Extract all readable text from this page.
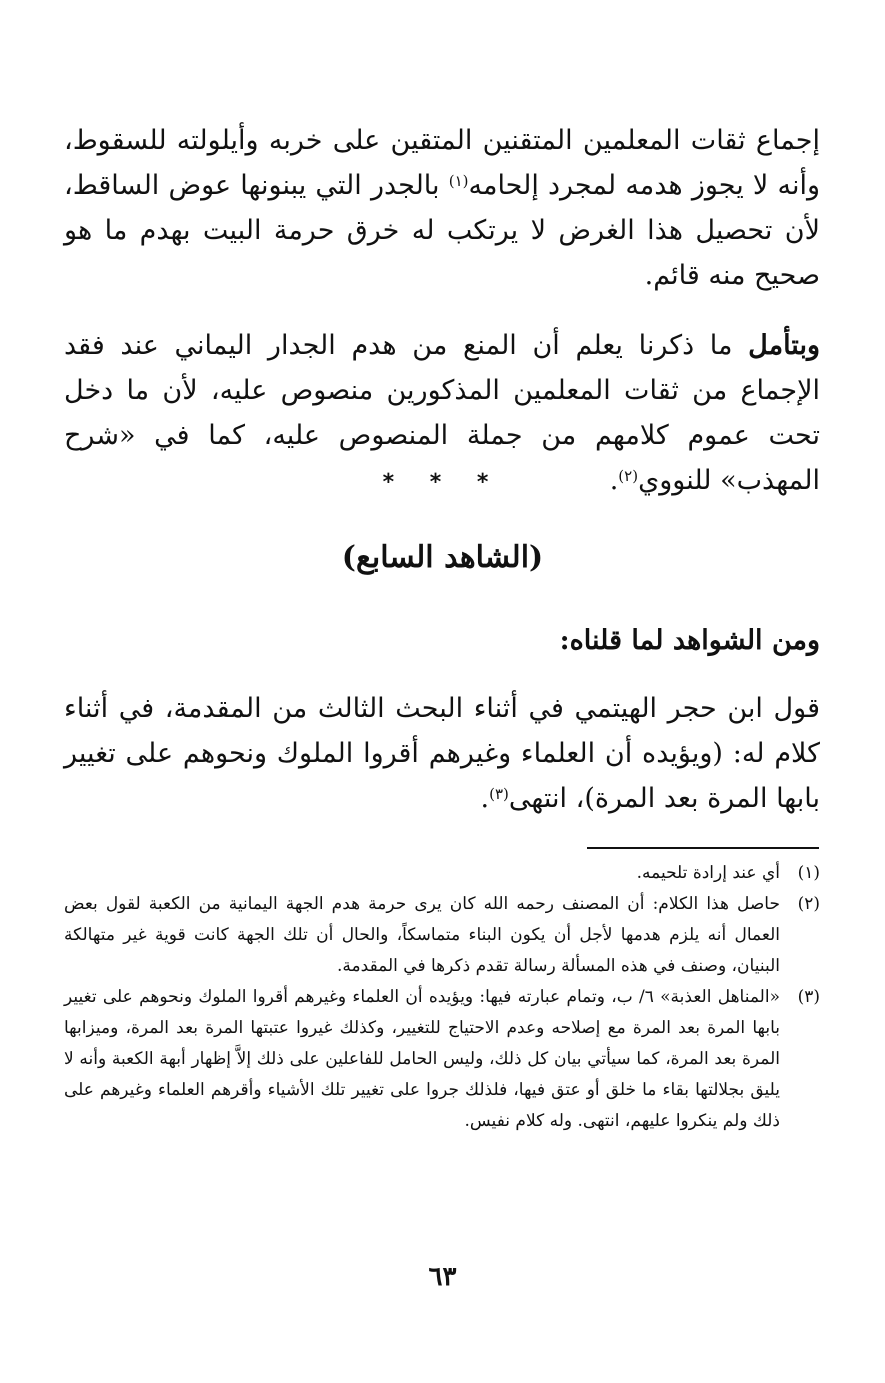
إجماع ثقات المعلمين المتقنين المتقين على خربه وأيلولته للسقوط، وأنه لا يجوز هدمه لمجرد إلحامه$^{(١)}$ بالجدر التي يبنونها عوض الساقط، لأن تحصيل هذا الغرض لا يرتكب له خرق حرمة البيت بهدم ما هو صحيح منه قائم.

وبتأمل ما ذكرنا يعلم أن المنع من هدم الجدار اليماني عند فقد الإجماع من ثقات المعلمين المذكورين منصوص عليه، لأن ما دخل تحت عموم كلامهم من جملة المنصوص عليه، كما في «شرح المهذب» للنووي$^{(٢)}$.

* * *
(الشاهد السابع)
ومن الشواهد لما قلناه:

قول ابن حجر الهيتمي في أثناء البحث الثالث من المقدمة، في أثناء كلام له: (ويؤيده أن العلماء وغيرهم أقروا الملوك ونحوهم على تغيير بابها المرة بعد المرة)، انتهى$^{(٣)}$.

(١)
أي عند إرادة تلحيمه.
(٢)
حاصل هذا الكلام: أن المصنف رحمه الله كان يرى حرمة هدم الجهة اليمانية من الكعبة لقول بعض العمال أنه يلزم هدمها لأجل أن يكون البناء متماسكاً، والحال أن تلك الجهة كانت قوية غير متهالكة البنيان، وصنف في هذه المسألة رسالة تقدم ذكرها في المقدمة.
(٣)
«المناهل العذبة» ٦/ ب، وتمام عبارته فيها: ويؤيده أن العلماء وغيرهم أقروا الملوك ونحوهم على تغيير بابها المرة بعد المرة مع إصلاحه وعدم الاحتياج للتغيير، وكذلك غيروا عتبتها المرة بعد المرة، وميزابها المرة بعد المرة، كما سيأتي بيان كل ذلك، وليس الحامل للفاعلين على ذلك إلاَّ إظهار أبهة الكعبة وأنه لا يليق بجلالتها بقاء ما خلق أو عتق فيها، فلذلك جروا على تغيير تلك الأشياء وأقرهم العلماء وغيرهم على ذلك ولم ينكروا عليهم، انتهى. وله كلام نفيس.
٦٣
